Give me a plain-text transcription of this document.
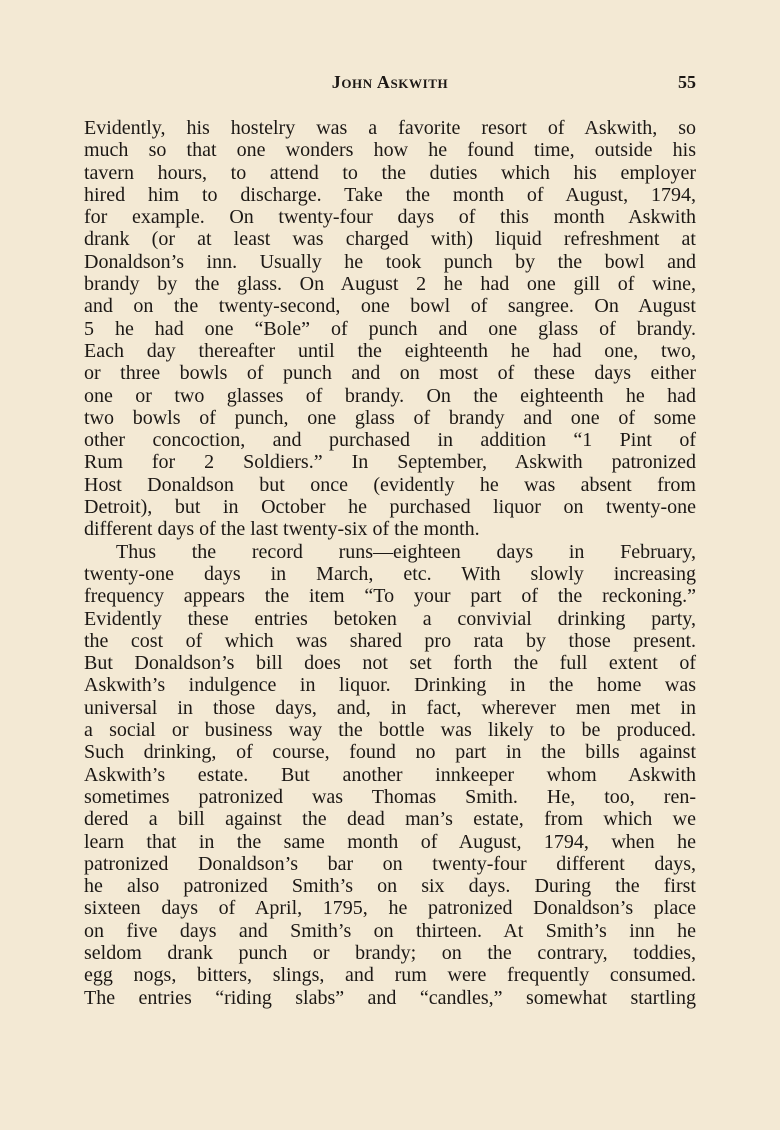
John Askwith	55
Evidently, his hostelry was a favorite resort of Askwith, so
much so that one wonders how he found time, outside his
tavern hours, to attend to the duties which his employer
hired him to discharge. Take the month of August, 1794,
for example. On twenty-four days of this month Askwith
drank (or at least was charged with) liquid refreshment at
Donaldson’s inn. Usually he took punch by the bowl and
brandy by the glass. On August 2 he had one gill of wine,
and on the twenty-second, one bowl of sangree. On August
5 he had one “Bole” of punch and one glass of brandy.
Each day thereafter until the eighteenth he had one, two,
or three bowls of punch and on most of these days either
one or two glasses of brandy. On the eighteenth he had
two bowls of punch, one glass of brandy and one of some
other concoction, and purchased in addition “1 Pint of
Rum for 2 Soldiers.” In September, Askwith patronized
Host Donaldson but once (evidently he was absent from
Detroit), but in October he purchased liquor on twenty-one
different days of the last twenty-six of the month.
Thus the record runs—eighteen days in February,
twenty-one days in March, etc. With slowly increasing
frequency appears the item “To your part of the reckoning.”
Evidently these entries betoken a convivial drinking party,
the cost of which was shared pro rata by those present.
But Donaldson’s bill does not set forth the full extent of
Askwith’s indulgence in liquor. Drinking in the home was
universal in those days, and, in fact, wherever men met in
a social or business way the bottle was likely to be produced.
Such drinking, of course, found no part in the bills against
Askwith’s estate. But another innkeeper whom Askwith
sometimes patronized was Thomas Smith. He, too, ren-
dered a bill against the dead man’s estate, from which we
learn that in the same month of August, 1794, when he
patronized Donaldson’s bar on twenty-four different days,
he also patronized Smith’s on six days. During the first
sixteen days of April, 1795, he patronized Donaldson’s place
on five days and Smith’s on thirteen. At Smith’s inn he
seldom drank punch or brandy; on the contrary, toddies,
egg nogs, bitters, slings, and rum were frequently consumed.
The entries “riding slabs” and “candles,” somewhat startling
